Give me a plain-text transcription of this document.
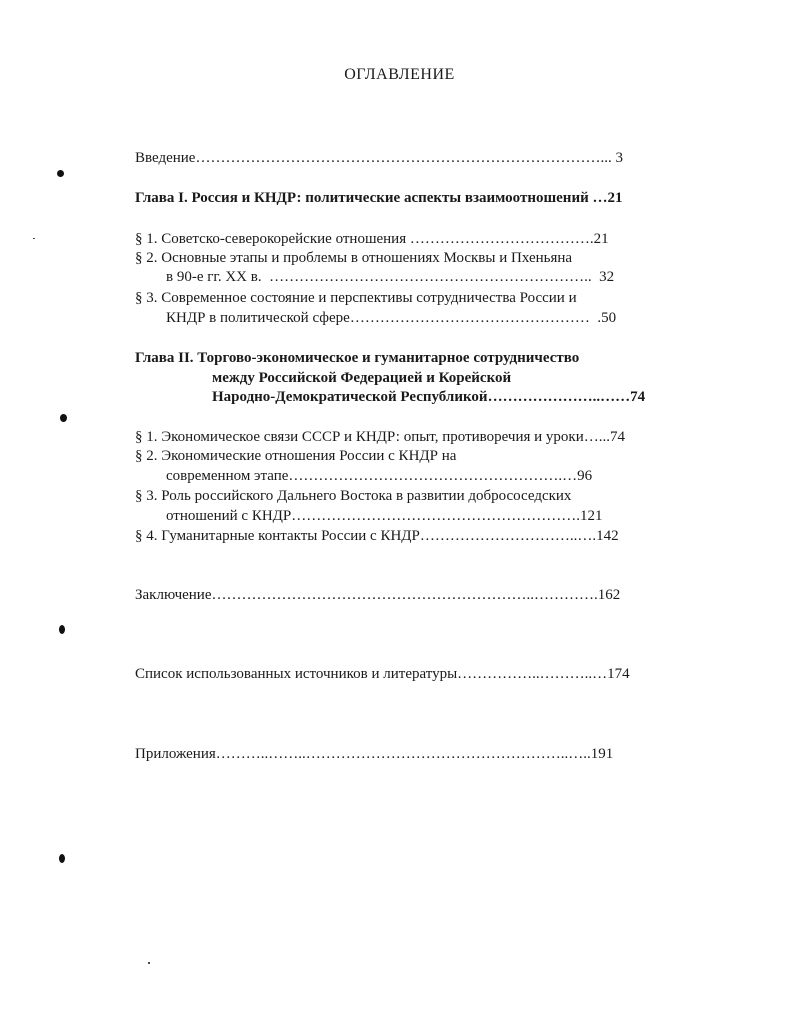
ОГЛАВЛЕНИЕ
Введение………………………………………………………………………... 3
Глава I. Россия и КНДР: политические аспекты взаимоотношений …21
§ 1. Советско-северокорейские отношения ……………………………….21
§ 2. Основные этапы и проблемы в отношениях Москвы и Пхеньяна
в 90-е гг. XX в.  ………………………………………………………..  32
§ 3. Современное состояние и перспективы сотрудничества России и
КНДР в политической сфере…………………………………………  .50
Глава II. Торгово-экономическое и гуманитарное сотрудничество
между Российской Федерацией и Корейской
Народно-Демократической Республикой…………………..……74
§ 1. Экономическое связи СССР и КНДР: опыт, противоречия и уроки…...74
§ 2. Экономические отношения России с КНДР на
современном этапе……………………………………………….…96
§ 3. Роль российского Дальнего Востока в развитии добрососедских
отношений с КНДР………………………………………………….121
§ 4. Гуманитарные контакты России с КНДР…………………………..….142
Заключение………………………………………………………..………….162
Список использованных источников и литературы……………..………..…174
Приложения………..……..……………………………………………..…..191
